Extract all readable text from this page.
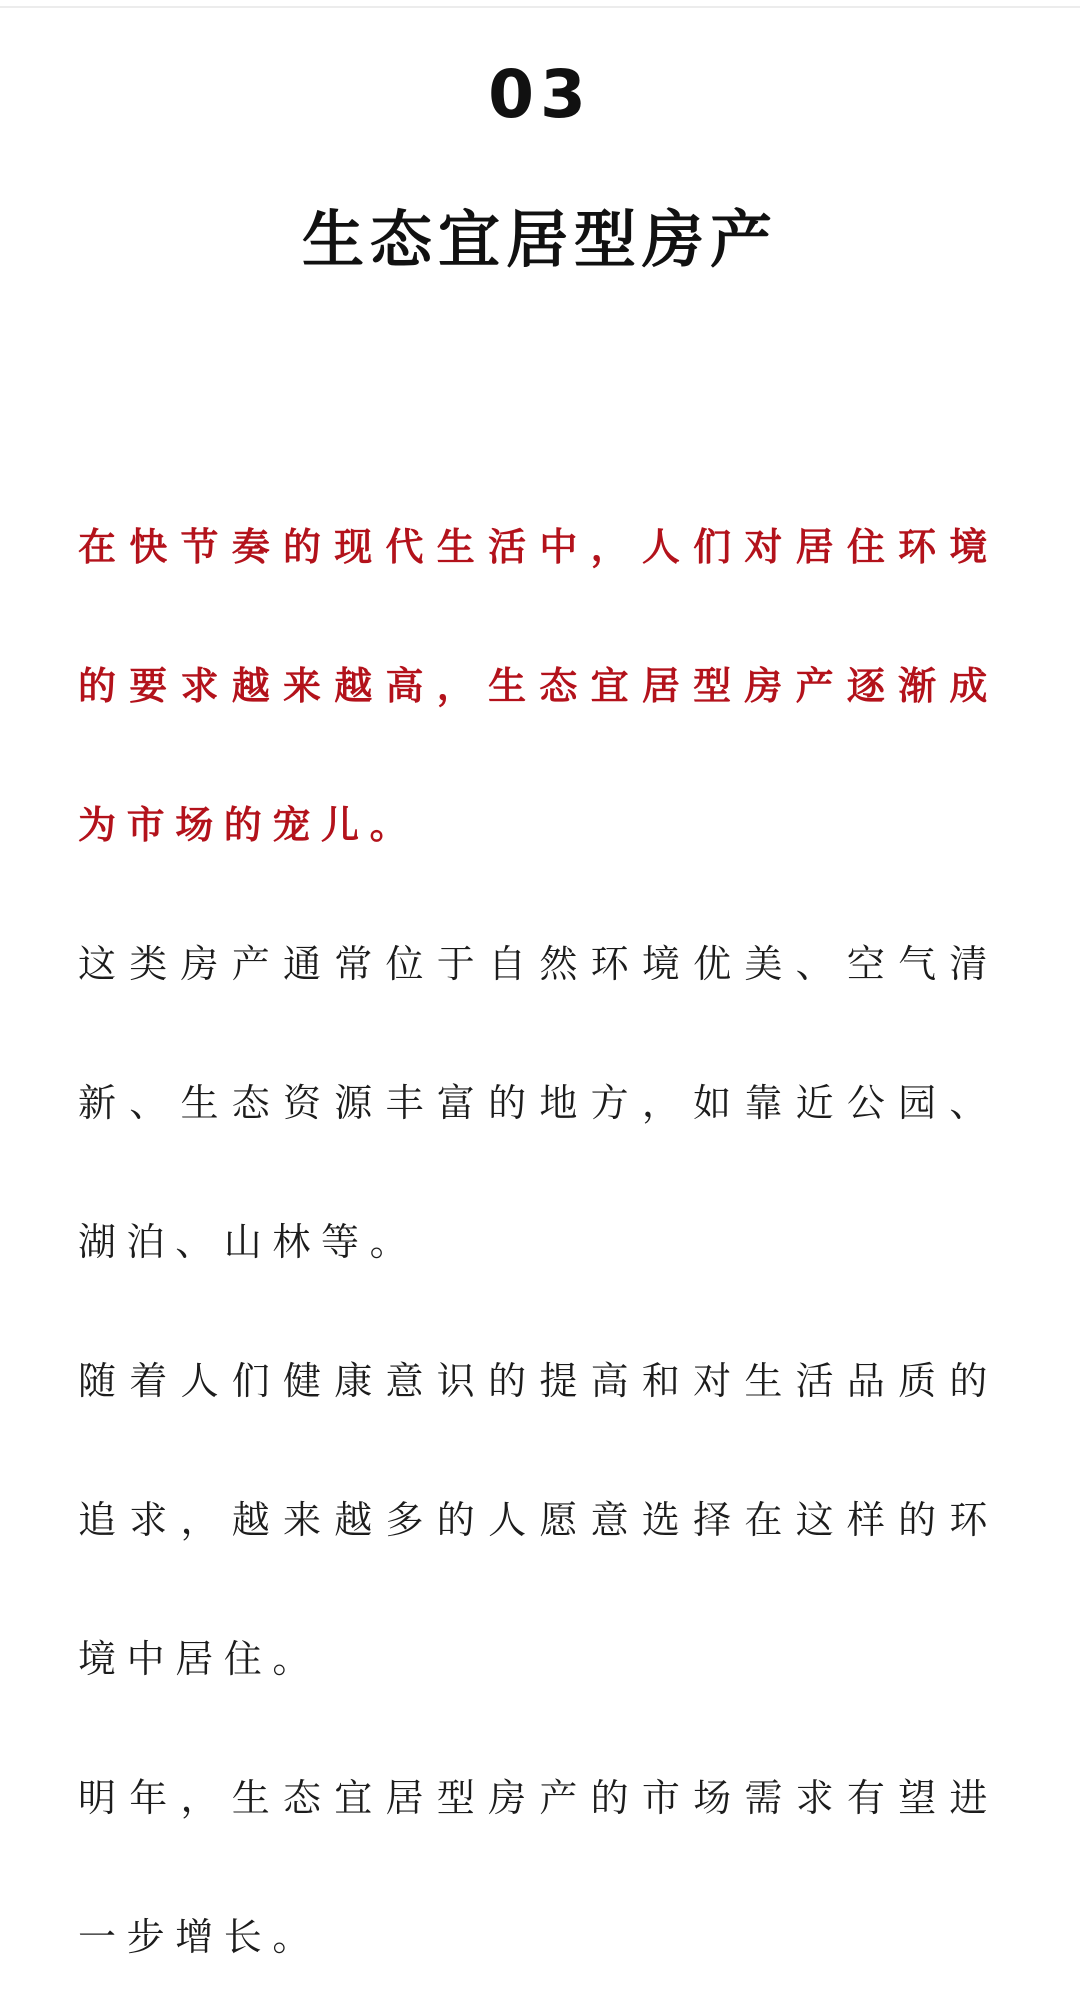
03
生态宜居型房产

在快节奏的现代生活中，人们对居住环境的要求越来越高，生态宜居型房产逐渐成为市场的宠儿。

这类房产通常位于自然环境优美、空气清新、生态资源丰富的地方，如靠近公园、湖泊、山林等。

随着人们健康意识的提高和对生活品质的追求，越来越多的人愿意选择在这样的环境中居住。

明年，生态宜居型房产的市场需求有望进一步增长。
